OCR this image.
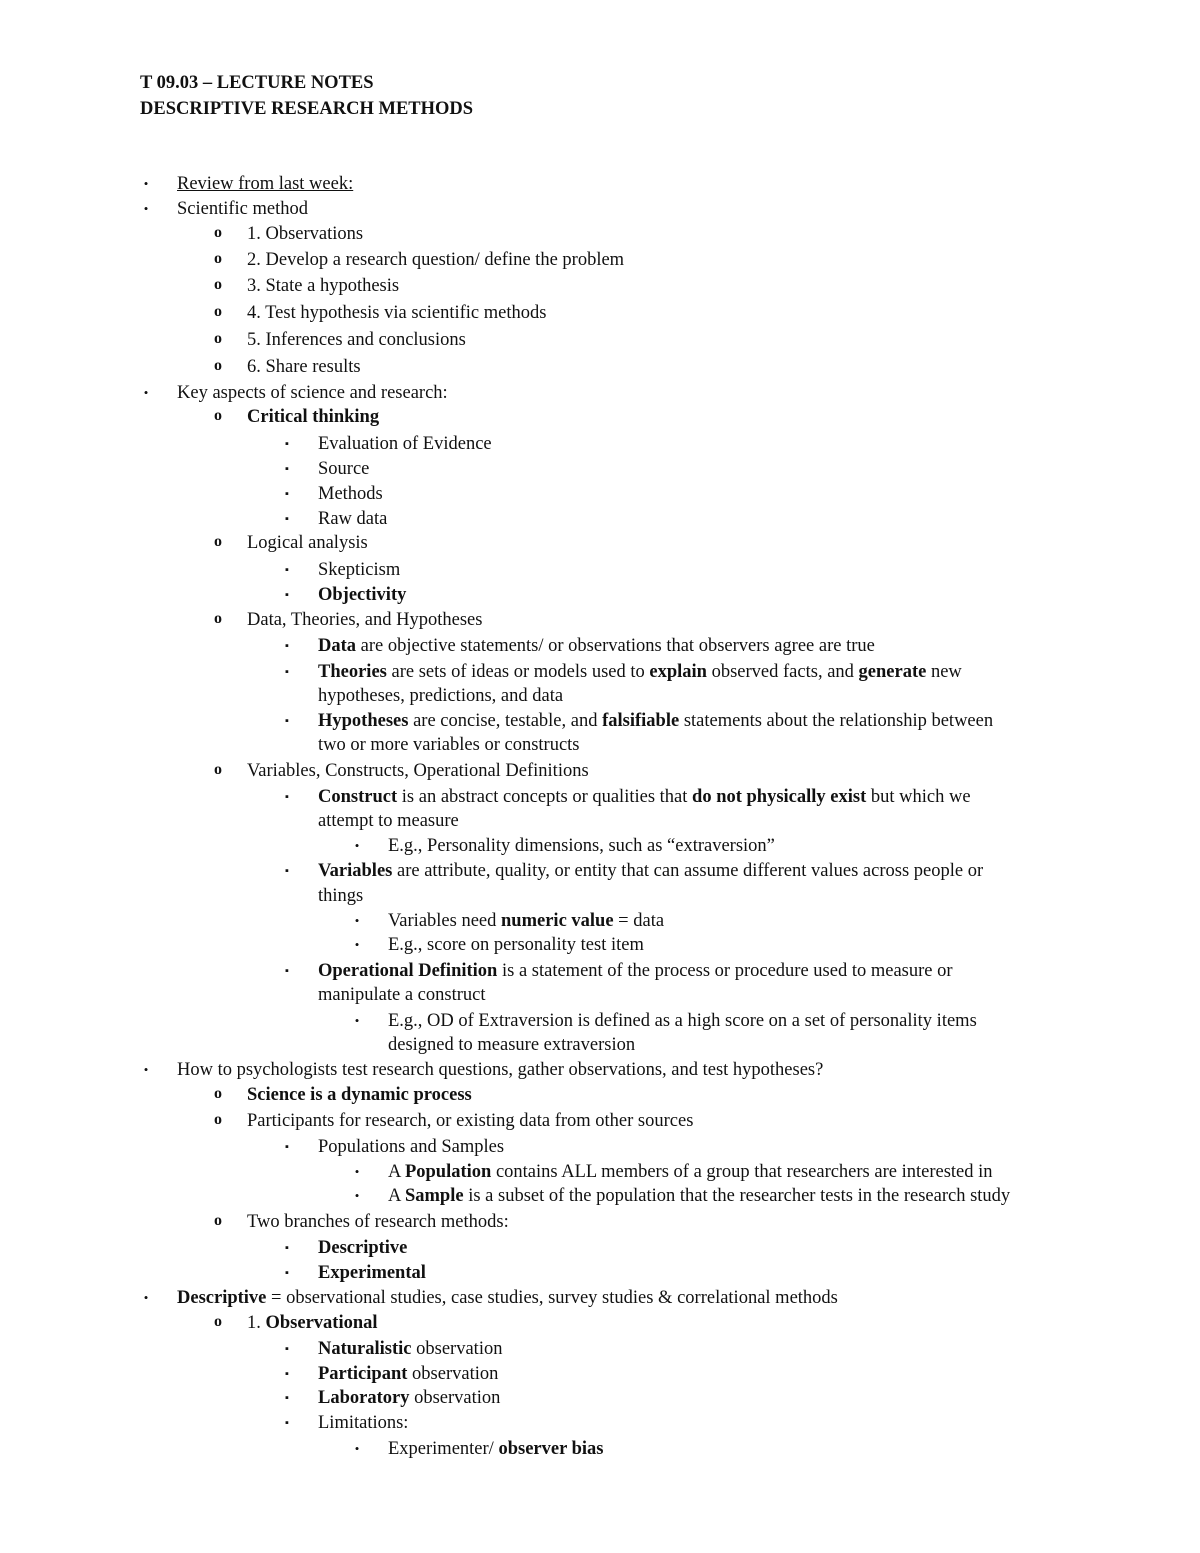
T 09.03 – LECTURE NOTES
DESCRIPTIVE RESEARCH METHODS
•	Review from last week:
•	Scientific method
o	1. Observations
o	2. Develop a research question/ define the problem
o	3. State a hypothesis
o	4. Test hypothesis via scientific methods
o	5. Inferences and conclusions
o	6. Share results
•	Key aspects of science and research:
o	Critical thinking
▪	Evaluation of Evidence
▪	Source
▪	Methods
▪	Raw data
o	Logical analysis
▪	Skepticism
▪	Objectivity
o	Data, Theories, and Hypotheses
▪	Data are objective statements/ or observations that observers agree are true
▪	Theories are sets of ideas or models used to explain observed facts, and generate new
hypotheses, predictions, and data
▪	Hypotheses are concise, testable, and falsifiable statements about the relationship between
two or more variables or constructs
o	Variables, Constructs, Operational Definitions
▪	Construct is an abstract concepts or qualities that do not physically exist but which we
attempt to measure
•	E.g., Personality dimensions, such as “extraversion”
▪	Variables are attribute, quality, or entity that can assume different values across people or
things
•	Variables need numeric value = data
•	E.g., score on personality test item
▪	Operational Definition is a statement of the process or procedure used to measure or
manipulate a construct
•	E.g., OD of Extraversion is defined as a high score on a set of personality items
designed to measure extraversion
•	How to psychologists test research questions, gather observations, and test hypotheses?
o	Science is a dynamic process
o	Participants for research, or existing data from other sources
▪	Populations and Samples
•	A Population contains ALL members of a group that researchers are interested in
•	A Sample is a subset of the population that the researcher tests in the research study
o	Two branches of research methods:
▪	Descriptive
▪	Experimental
•	Descriptive = observational studies, case studies, survey studies & correlational methods
o	1. Observational
▪	Naturalistic observation
▪	Participant observation
▪	Laboratory observation
▪	Limitations:
•	Experimenter/ observer bias
